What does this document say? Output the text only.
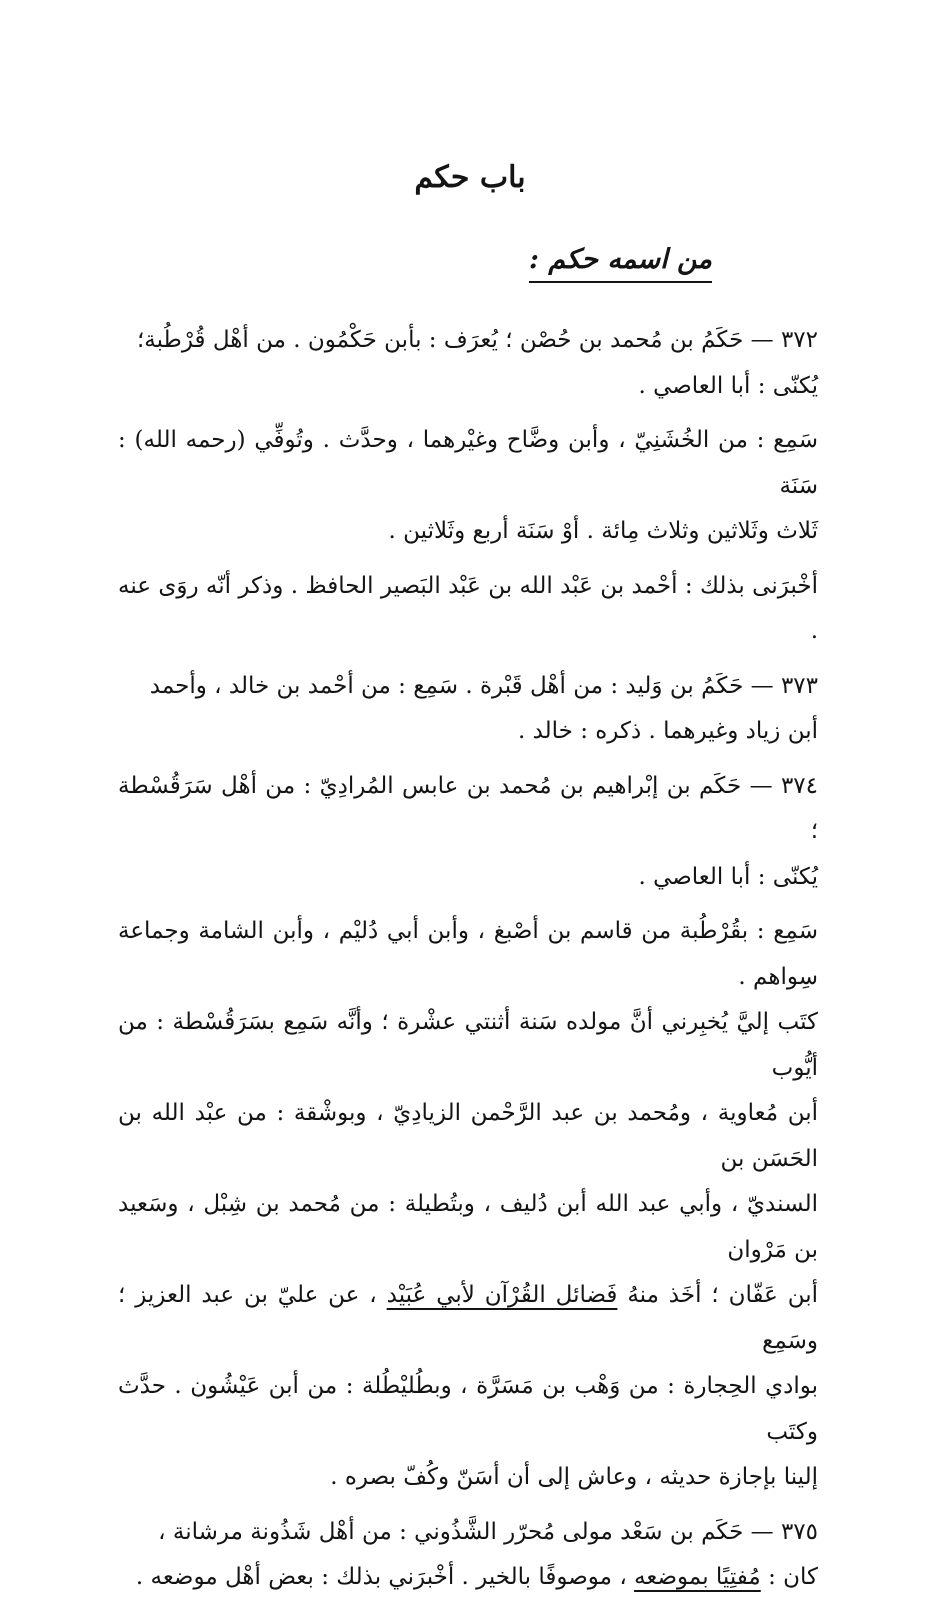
باب حكم
من اسمه حكم :

٣٧٢ — حَكَمُ بن مُحمد بن حُصْن ؛ يُعرَف : بأبن حَكْمُون . من أهْل قُرْطُبة؛
يُكنّى : أبا العاصي .

سَمِع : من الخُشَنِيّ ، وأبن وضَّاح وغيْرهما ، وحدَّث . وتُوفِّي (رحمه الله) : سَنَة
ثَلاث وثَلاثين وثلاث مِائة . أوْ سَنَة أربع وثَلاثين .

أخْبرَنى بذلك : أحْمد بن عَبْد الله بن عَبْد البَصير الحافظ . وذكر أنّه روَى عنه .

٣٧٣ — حَكَمُ بن وَليد : من أهْل قَبْرة . سَمِع : من أحْمد بن خالد ، وأحمد
أبن زياد وغيرهما . ذكره : خالد .

٣٧٤ — حَكَم بن إبْراهيم بن مُحمد بن عابس المُرادِيّ : من أهْل سَرَقُسْطة ؛
يُكنّى : أبا العاصي .

سَمِع : بقُرْطُبة من قاسم بن أصْبغ ، وأبن أبي دُليْم ، وأبن الشامة وجماعة سِواهم .
كتَب إليَّ يُخبِرني أنَّ مولده سَنة أثنتي عشْرة ؛ وأنَّه سَمِع بسَرَقُسْطة : من أيُّوب
أبن مُعاوية ، ومُحمد بن عبد الرَّحْمن الزيادِيّ ، وبوشْقة : من عبْد الله بن الحَسَن بن
السنديّ ، وأبي عبد الله أبن دُليف ، وبتُطيلة : من مُحمد بن شِبْل ، وسَعيد بن مَرْوان
أبن عَفّان ؛ أخَذ منهُ فَضائل القُرْآن لأبي عُبَيْد ، عن عليّ بن عبد العزيز ؛ وسَمِع
بوادي الحِجارة : من وَهْب بن مَسَرَّة ، وبطُليْطُلة : من أبن عَيْشُون . حدَّث وكتَب
إلينا بإجازة حديثه ، وعاش إلى أن أسَنّ وكُفّ بصره .

٣٧٥ — حَكَم بن سَعْد مولى مُحرّر الشَّذُوني : من أهْل شَذُونة مرشانة ،
كان : مُفتِيًا بموضعه ، موصوفًا بالخير . أخْبرَني بذلك : بعض أهْل موضعه .
